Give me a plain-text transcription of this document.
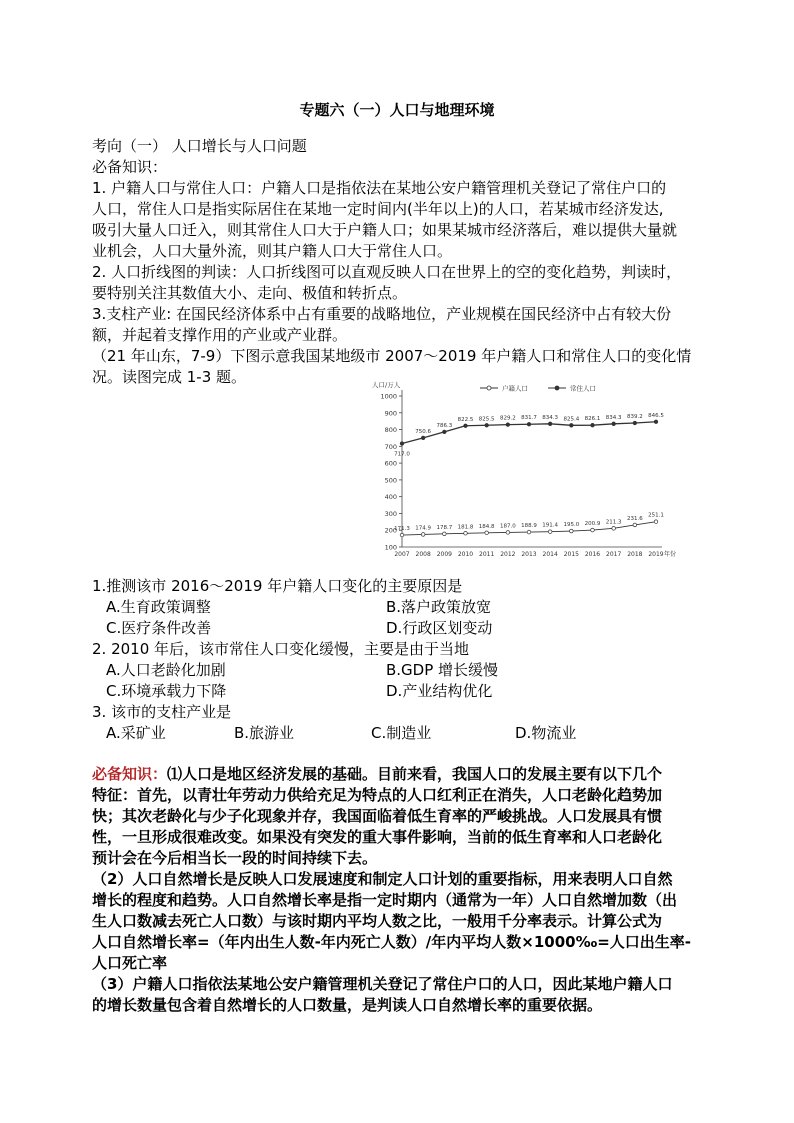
专题六（一）人口与地理环境
考向（一） 人口增长与人口问题
必备知识：
1. 户籍人口与常住人口：户籍人口是指依法在某地公安户籍管理机关登记了常住户口的
人口，常住人口是指实际居住在某地一定时间内(半年以上)的人口，若某城市经济发达,
吸引大量人口迁入，则其常住人口大于户籍人口；如果某城市经济落后，难以提供大量就
业机会，人口大量外流，则其户籍人口大于常住人口。
2. 人口折线图的判读：人口折线图可以直观反映人口在世界上的空的变化趋势，判读时，
要特别关注其数值大小、走向、极值和转折点。
3.支柱产业: 在国民经济体系中占有重要的战略地位，产业规模在国民经济中占有较大份
额，并起着支撑作用的产业或产业群。
（21 年山东，7-9）下图示意我国某地级市 2007～2019 年户籍人口和常住人口的变化情
况。读图完成 1-3 题。
100
200
300
400
500
600
700
800
900
1000
2007 2008 2009 2010 2011 2012 2013 2014 2015 2016 2017 2018 2019 年份
人口/万人	户籍人口	常住人口
171.3 174.9 178.7 181.8 184.8 187.0 188.9 191.4 195.0 200.9 211.3
231.6
251.1
717.0
750.6
786.3
822.5 825.5 829.2 831.7 834.3 825.4 826.1 834.3 839.2 846.5
1.推测该市 2016～2019 年户籍人口变化的主要原因是
A.生育政策调整	B.落户政策放宽
C.医疗条件改善	D.行政区划变动
2. 2010 年后，该市常住人口变化缓慢，主要是由于当地
A.人口老龄化加剧	B.GDP 增长缓慢
C.环境承载力下降	D.产业结构优化
3. 该市的支柱产业是
A.采矿业	B.旅游业	C.制造业	D.物流业
必备知识：⑴人口是地区经济发展的基础。目前来看，我国人口的发展主要有以下几个
特征：首先，以青壮年劳动力供给充足为特点的人口红利正在消失，人口老龄化趋势加
快；其次老龄化与少子化现象并存，我国面临着低生育率的严峻挑战。人口发展具有惯
性，一旦形成很难改变。如果没有突发的重大事件影响，当前的低生育率和人口老龄化
预计会在今后相当长一段的时间持续下去。
（2）人口自然增长是反映人口发展速度和制定人口计划的重要指标，用来表明人口自然
增长的程度和趋势。人口自然增长率是指一定时期内（通常为一年）人口自然增加数（出
生人口数减去死亡人口数）与该时期内平均人数之比，一般用千分率表示。计算公式为
人口自然增长率=（年内出生人数-年内死亡人数）/年内平均人数×1000‰=人口出生率-
人口死亡率
（3）户籍人口指依法某地公安户籍管理机关登记了常住户口的人口，因此某地户籍人口
的增长数量包含着自然增长的人口数量，是判读人口自然增长率的重要依据。
